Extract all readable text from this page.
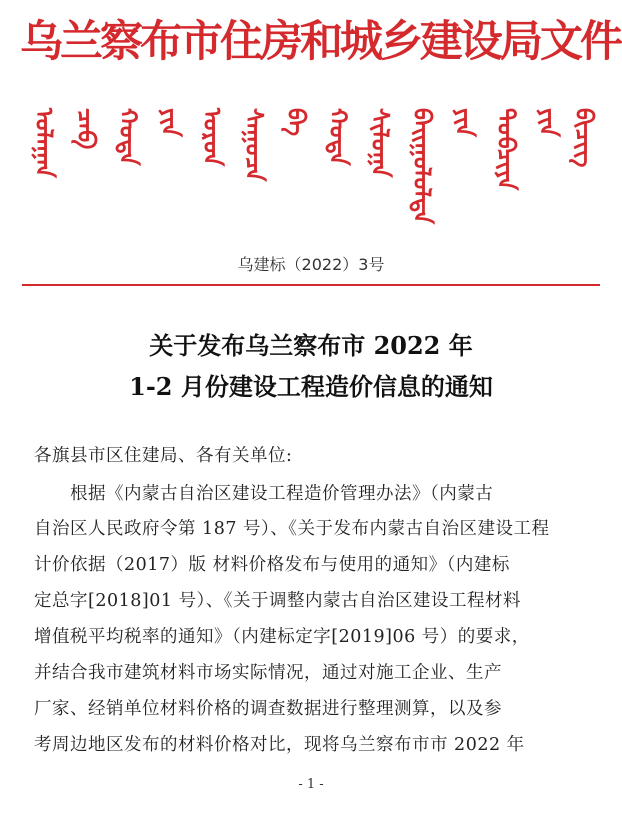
乌兰察布市住房和城乡建设局文件
ᠤᠯᠠᠭᠠᠨ ᠴᠠᠪ ᠬᠣᠲᠠ ᠶᠢᠨ ᠣᠷᠣᠨ ᠰᠠᠭᠤᠴᠠ ᠪᠠ ᠬᠣᠲᠠ ᠰᠢᠯᠤᠭᠠ ᠪᠠᠢᠭᠤᠯᠤᠯᠲᠠ ᠶᠢᠨ ᠲᠣᠪᠴᠢᠶᠠ ᠶᠢᠨ ᠪᠢᠴᠢᠭ
乌建标（2022）3号
关于发布乌兰察布市 2022 年
1-2 月份建设工程造价信息的通知
各旗县市区住建局、各有关单位:
　　根据《内蒙古自治区建设工程造价管理办法》（内蒙古
自治区人民政府令第 187 号）、《关于发布内蒙古自治区建设工程
计价依据（2017）版 材料价格发布与使用的通知》（内建标
定总字[2018]01 号）、《关于调整内蒙古自治区建设工程材料
增值税平均税率的通知》（内建标定字[2019]06 号）的要求，
并结合我市建筑材料市场实际情况，通过对施工企业、生产
厂家、经销单位材料价格的调查数据进行整理测算，以及参
考周边地区发布的材料价格对比，现将乌兰察布市市 2022 年
- 1 -
